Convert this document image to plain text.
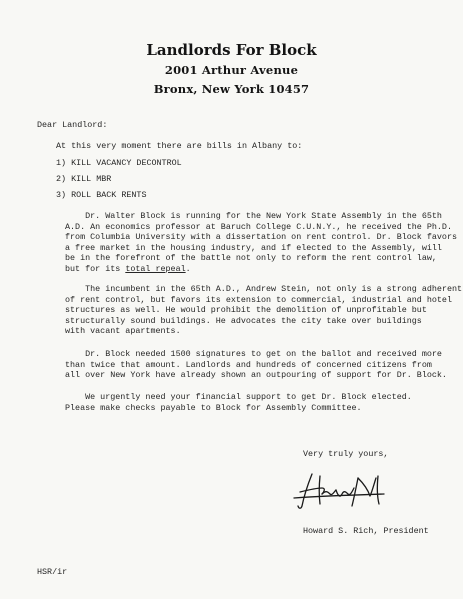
Landlords For Block
2001 Arthur Avenue
Bronx, New York 10457
Dear Landlord:
At this very moment there are bills in Albany to:
1) KILL VACANCY DECONTROL
2) KILL MBR
3) ROLL BACK RENTS
Dr. Walter Block is running for the New York State Assembly in the 65th
A.D. An economics professor at Baruch College C.U.N.Y., he received the Ph.D.
from Columbia University with a dissertation on rent control. Dr. Block favors
a free market in the housing industry, and if elected to the Assembly, will
be in the forefront of the battle not only to reform the rent control law,
but for its total repeal.
The incumbent in the 65th A.D., Andrew Stein, not only is a strong adherent
of rent control, but favors its extension to commercial, industrial and hotel
structures as well. He would prohibit the demolition of unprofitable but
structurally sound buildings. He advocates the city take over buildings
with vacant apartments.
Dr. Block needed 1500 signatures to get on the ballot and received more
than twice that amount. Landlords and hundreds of concerned citizens from
all over New York have already shown an outpouring of support for Dr. Block.
We urgently need your financial support to get Dr. Block elected.
Please make checks payable to Block for Assembly Committee.
Very truly yours,
Howard S. Rich, President
HSR/ir
